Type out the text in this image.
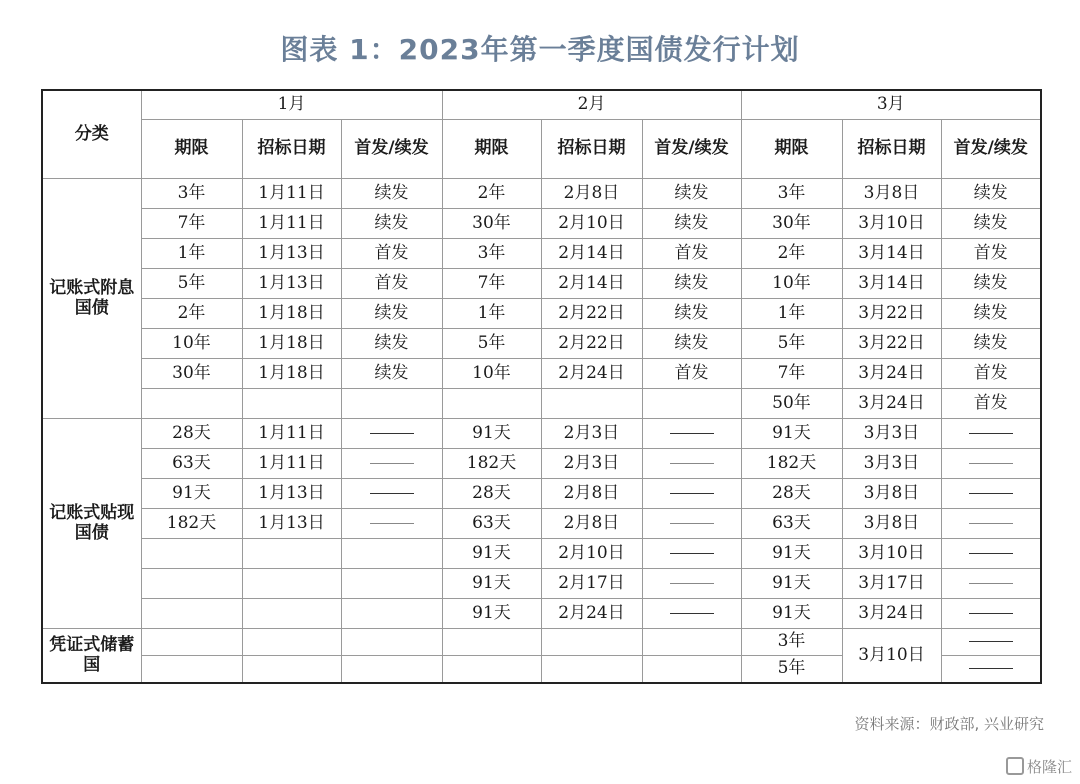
图表 1：2023年第一季度国债发行计划
分类	1月			2月			3月		
	期限	招标日期	首发/续发	期限	招标日期	首发/续发	期限	招标日期	首发/续发
记账式附息国债	3年	1月11日	续发	2年	2月8日	续发	3年	3月8日	续发
	7年	1月11日	续发	30年	2月10日	续发	30年	3月10日	续发
	1年	1月13日	首发	3年	2月14日	首发	2年	3月14日	首发
	5年	1月13日	首发	7年	2月14日	续发	10年	3月14日	续发
	2年	1月18日	续发	1年	2月22日	续发	1年	3月22日	续发
	10年	1月18日	续发	5年	2月22日	续发	5年	3月22日	续发
	30年	1月18日	续发	10年	2月24日	首发	7年	3月24日	首发
							50年	3月24日	首发
记账式贴现国债	28天	1月11日		91天	2月3日		91天	3月3日	
	63天	1月11日		182天	2月3日		182天	3月3日	
	91天	1月13日		28天	2月8日		28天	3月8日	
	182天	1月13日		63天	2月8日		63天	3月8日	
				91天	2月10日		91天	3月10日	
				91天	2月17日		91天	3月17日	
				91天	2月24日		91天	3月24日	
凭证式储蓄国							3年	3月10日	
							5年		
资料来源：财政部, 兴业研究
格隆汇
